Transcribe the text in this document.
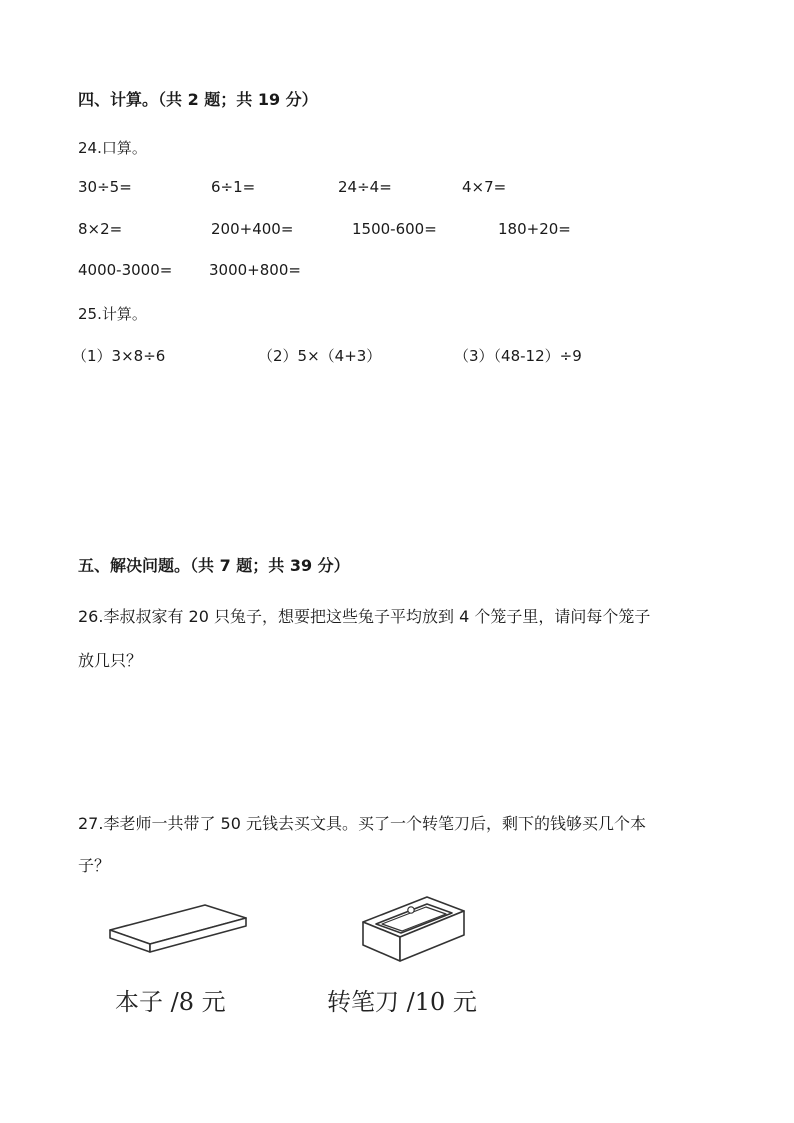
四、计算。（共 2 题；共 19 分）
24.口算。
30÷5=	6÷1=	24÷4=	4×7=
8×2=	200+400=	1500-600=	180+20=
4000-3000= 3000+800=
25.计算。
（1）3×8÷6	（2）5×（4+3）	（3）（48-12）÷9
五、解决问题。（共 7 题；共 39 分）
26.李叔叔家有 20 只兔子，想要把这些兔子平均放到 4 个笼子里，请问每个笼子
放几只？
27.李老师一共带了 50 元钱去买文具。买了一个转笔刀后，剩下的钱够买几个本
子？
本子 /8 元	转笔刀 /10 元
